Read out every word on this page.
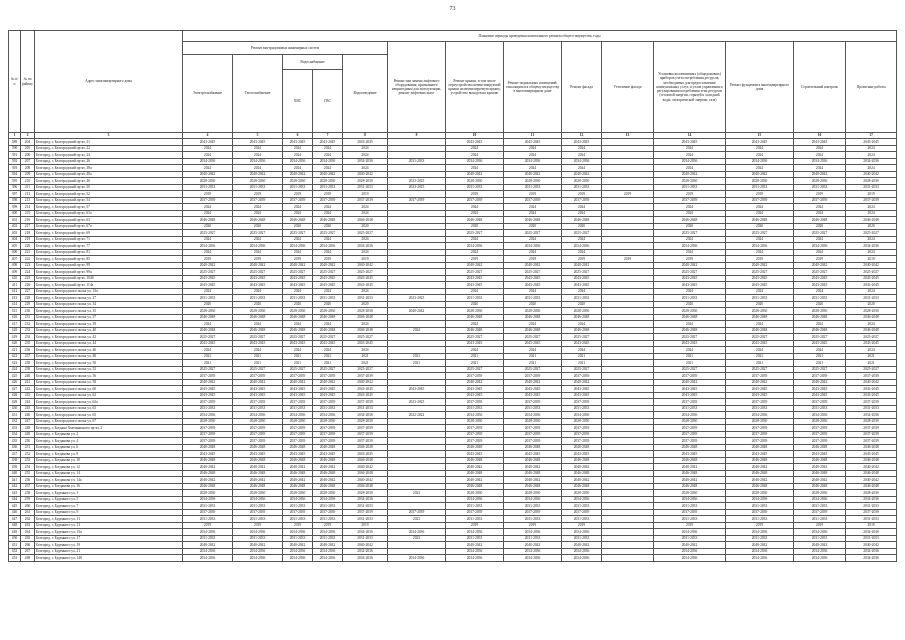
73
№ п/п	№ по району	Адрес многоквартирного дома	Плановые периоды проведения капитального ремонта общего имущества, годы													
			Ремонт внутридомовых инженерных систем					Ремонт или замена лифтового оборудования, признанного непригодным для эксплуатации, ремонт лифтовых шахт	Ремонт крыши, в том числе переустройство невентилируемой крыши на вентилируемую крышу, устройство выходов на кровлю	Ремонт подвальных помещений, относящихся к общему имуществу в многоквартирном доме	Ремонт фасада	Утепление фасада	Установка коллективных (общедомовых) приборов учета потребления ресурсов, необходимых для предоставления коммунальных услуг, и узлов управления и регулирования потребления этих ресурсов (тепловой энергии, горячей и холодной воды, электрической энергии, газа)	Ремонт фундамента многоквартирного дома	Строительный контроль	Проектные работы
			Электроснабжение	Теплоснабжение	Водоснабжение		Водоотведение									
					ХВС	ГВС										
1	2	3	4	5	6	7	8	9	10	11	12	13	14	15	16	17
389	204	Белгород, г, Белгородский пр-кт, 21	2043-2045	2043-2045	2043-2045	2043-2045	2043-2045		2043-2045	2043-2045	2043-2045		2043-2045	2043-2045	2043-2045	2043-2045
390	205	Белгород, г, Белгородский пр-кт, 22	2024	2024	2024	2024	2024		2024	2024	2024		2024	2024	2024	2024
391	206	Белгород, г, Белгородский пр-кт, 24	2024	2024	2024	2024	2024		2024	2024	2024		2024	2024	2024	2024
392	207	Белгород, г, Белгородский пр-кт, 26	2034-2036	2034-2036	2034-2036	2034-2036	2034-2036	2031-2033	2034-2036	2034-2036	2034-2036		2034-2036	2034-2036	2034-2036	2034-2036
393	208	Белгород, г, Белгородский пр-кт, 38а	2024	2024	2024	2024	2024		2024	2024	2024		2024	2024	2024	2024
394	209	Белгород, г, Белгородский пр-кт, 40а	2040-2042	2040-2042	2040-2042	2040-2042	2040-2042		2040-2042	2040-2042	2040-2042		2040-2042	2040-2042	2040-2042	2040-2042
395	210	Белгород, г, Белгородский пр-кт, 46	2028-2030	2028-2030	2028-2030	2028-2030	2028-2030	2023-2025	2028-2030	2028-2030	2028-2030		2028-2030	2028-2030	2028-2030	2028-2030
396	211	Белгород, г, Белгородский пр-кт, 50	2031-2033	2031-2033	2031-2033	2031-2033	2031-2033	2023-2025	2031-2033	2031-2033	2031-2033		2031-2033	2031-2033	2031-2033	2031-2033
397	212	Белгород, г, Белгородский пр-кт, 52	2019	2019	2019	2019	2019		2019	2019	2019	2019	2019	2019	2019	2019
398	213	Белгород, г, Белгородский пр-кт, 54	2037-2039	2037-2039	2037-2039	2037-2039	2037-2039	2037-2039	2037-2039	2037-2039	2037-2039		2037-2039	2037-2039	2037-2039	2037-2039
399	214	Белгород, г, Белгородский пр-кт, 57	2024	2024	2024	2024	2024		2024	2024	2024		2024	2024	2024	2024
400	215	Белгород, г, Белгородский пр-кт, 61а	2024	2024	2024	2024	2024		2024	2024	2024		2024	2024	2024	2024
401	216	Белгород, г, Белгородский пр-кт, 63	2046-2048	2046-2048	2046-2048	2046-2048	2046-2048		2046-2048	2046-2048	2046-2048		2046-2048	2046-2048	2046-2048	2046-2048
402	217	Белгород, г, Белгородский пр-кт, 67а	2020	2020	2020	2020	2020		2020	2020	2020		2020	2020	2020	2020
403	218	Белгород, г, Белгородский пр-кт, 69	2025-2027	2025-2027	2025-2027	2025-2027	2025-2027		2025-2027	2025-2027	2025-2027		2025-2027	2025-2027	2025-2027	2025-2027
404	219	Белгород, г, Белгородский пр-кт, 71	2024	2024	2024	2024	2024		2024	2024	2024		2024	2024	2024	2024
405	220	Белгород, г, Белгородский пр-кт, 77	2034-2036	2034-2036	2034-2036	2034-2036	2034-2036		2034-2036	2034-2036	2034-2036		2034-2036	2034-2036	2034-2036	2034-2036
406	221	Белгород, г, Белгородский пр-кт, 81	2024	2024	2024	2024	2024		2024	2024	2024		2024	2024	2024	2024
407	222	Белгород, г, Белгородский пр-кт, 85	2019	2019	2019	2019	2019		2019	2019	2019	2019	2019	2019	2019	2019
408	223	Белгород, г, Белгородский пр-кт, 99	2040-2042	2040-2042	2040-2042	2040-2042	2040-2042		2040-2042	2040-2042	2040-2042		2040-2042	2040-2042	2040-2042	2040-2042
409	224	Белгород, г, Белгородский пр-кт, 99а	2025-2027	2025-2027	2025-2027	2025-2027	2025-2027		2025-2027	2025-2027	2025-2027		2025-2027	2025-2027	2025-2027	2025-2027
410	225	Белгород, г, Белгородский пр-кт, 104б	2043-2045	2043-2045	2043-2045	2043-2045	2043-2045		2043-2045	2043-2045	2043-2045		2043-2045	2043-2045	2043-2045	2043-2045
411	226	Белгород, г, Белгородский пр-кт, 114а	2043-2045	2043-2045	2043-2045	2043-2045	2043-2045		2043-2045	2043-2045	2043-2045		2043-2045	2043-2045	2043-2045	2043-2045
412	227	Белгород, г, Белгородского полка ул, 13а	2024	2024	2024	2024	2024		2024	2024	2024		2024	2024	2024	2024
413	228	Белгород, г, Белгородского полка ул, 27	2031-2033	2031-2033	2031-2033	2031-2033	2031-2033	2023-2025	2031-2033	2031-2033	2031-2033		2031-2033	2031-2033	2031-2033	2031-2033
414	229	Белгород, г, Белгородского полка ул, 34	2020	2020	2020	2020	2020		2020	2020	2020		2020	2020	2020	2020
415	230	Белгород, г, Белгородского полка ул, 35	2028-2030	2028-2030	2028-2030	2028-2030	2028-2030	2040-2042	2028-2030	2028-2030	2028-2030		2028-2030	2028-2030	2028-2030	2028-2030
416	231	Белгород, г, Белгородского полка ул, 37	2046-2048	2046-2048	2046-2048	2046-2048	2046-2048		2046-2048	2046-2048	2046-2048		2046-2048	2046-2048	2046-2048	2046-2048
417	232	Белгород, г, Белгородского полка ул, 39	2024	2024	2024	2024	2024		2024	2024	2024		2024	2024	2024	2024
418	233	Белгород, г, Белгородского полка ул, 40	2046-2048	2046-2048	2046-2048	2046-2048	2046-2048	2024	2046-2048	2046-2048	2046-2048		2046-2048	2046-2048	2046-2048	2046-2048
419	234	Белгород, г, Белгородского полка ул, 42	2025-2027	2025-2027	2025-2027	2025-2027	2025-2027		2025-2027	2025-2027	2025-2027		2025-2027	2025-2027	2025-2027	2025-2027
420	235	Белгород, г, Белгородского полка ул, 44	2043-2045	2043-2045	2043-2045	2043-2045	2043-2045		2043-2045	2043-2045	2043-2045		2043-2045	2043-2045	2043-2045	2043-2045
421	236	Белгород, г, Белгородского полка ул, 46	2024	2024	2024	2024	2024		2024	2024	2024		2024	2024	2024	2024
422	237	Белгород, г, Белгородского полка ул, 48	2021	2021	2021	2021	2021	2021	2021	2021	2021		2021	2021	2021	2021
423	238	Белгород, г, Белгородского полка ул, 50	2021	2021	2021	2021	2021	2021	2021	2021	2021		2021	2021	2021	2021
424	239	Белгород, г, Белгородского полка ул, 52	2025-2027	2025-2027	2025-2027	2025-2027	2025-2027		2025-2027	2025-2027	2025-2027		2025-2027	2025-2027	2025-2027	2025-2027
425	240	Белгород, г, Белгородского полка ул, 56	2037-2039	2037-2039	2037-2039	2037-2039	2037-2039		2037-2039	2037-2039	2037-2039		2037-2039	2037-2039	2037-2039	2037-2039
426	241	Белгород, г, Белгородского полка ул, 58	2040-2042	2040-2042	2040-2042	2040-2042	2040-2042		2040-2042	2040-2042	2040-2042		2040-2042	2040-2042	2040-2042	2040-2042
427	242	Белгород, г, Белгородского полка ул, 60	2043-2045	2043-2045	2043-2045	2043-2045	2043-2045	2043-2045	2043-2045	2043-2045	2043-2045		2043-2045	2043-2045	2043-2045	2043-2045
428	243	Белгород, г, Белгородского полка ул, 62	2043-2045	2043-2045	2043-2045	2043-2045	2043-2045		2043-2045	2043-2045	2043-2045		2043-2045	2043-2045	2043-2045	2043-2045
429	244	Белгород, г, Белгородского полка ул, 62а	2037-2039	2037-2039	2037-2039	2037-2039	2037-2039	2023-2025	2037-2039	2037-2039	2037-2039		2037-2039	2037-2039	2037-2039	2037-2039
430	245	Белгород, г, Белгородского полка ул, 63	2031-2033	2031-2033	2031-2033	2031-2033	2031-2033		2031-2033	2031-2033	2031-2033		2031-2033	2031-2033	2031-2033	2031-2033
431	246	Белгород, г, Белгородского полка ул, 65	2034-2036	2034-2036	2034-2036	2034-2036	2034-2036	2022-2022	2034-2036	2034-2036	2034-2036		2034-2036	2034-2036	2034-2036	2034-2036
432	247	Белгород, г, Белгородского полка ул, 67	2028-2030	2028-2030	2028-2030	2028-2030	2028-2030		2028-2030	2028-2030	2028-2030		2028-2030	2028-2030	2028-2030	2028-2030
433	248	Белгород, г, Богдана Хмельницкого пр-кт, 2	2037-2039	2037-2039	2037-2039	2037-2039	2037-2039		2037-2039	2037-2039	2037-2039		2037-2039	2037-2039	2037-2039	2037-2039
434	249	Белгород, г, Богданова ул, 2	2037-2039	2037-2039	2037-2039	2037-2039	2037-2039		2037-2039	2037-2039	2037-2039		2037-2039	2037-2039	2037-2039	2037-2039
435	250	Белгород, г, Богданова ул, 4	2037-2039	2037-2039	2037-2039	2037-2039	2037-2039		2037-2039	2037-2039	2037-2039		2037-2039	2037-2039	2037-2039	2037-2039
436	251	Белгород, г, Богданова ул, 6	2046-2048	2046-2048	2046-2048	2046-2048	2046-2048		2046-2048	2046-2048	2046-2048		2046-2048	2046-2048	2046-2048	2046-2048
437	252	Белгород, г, Богданова ул, 8	2043-2045	2043-2045	2043-2045	2043-2045	2043-2045		2043-2045	2043-2045	2043-2045		2043-2045	2043-2045	2043-2045	2043-2045
438	253	Белгород, г, Богданова ул, 10	2046-2048	2046-2048	2046-2048	2046-2048	2046-2048		2046-2048	2046-2048	2046-2048		2046-2048	2046-2048	2046-2048	2046-2048
439	254	Белгород, г, Богданова ул, 12	2040-2042	2040-2042	2040-2042	2040-2042	2040-2042		2040-2042	2040-2042	2040-2042		2040-2042	2040-2042	2040-2042	2040-2042
440	255	Белгород, г, Богданова ул, 14	2046-2048	2046-2048	2046-2048	2046-2048	2046-2048		2046-2048	2046-2048	2046-2048		2046-2048	2046-2048	2046-2048	2046-2048
441	256	Белгород, г, Богданова ул, 14а	2040-2042	2040-2042	2040-2042	2040-2042	2040-2042		2040-2042	2040-2042	2040-2042		2040-2042	2040-2042	2040-2042	2040-2042
442	257	Белгород, г, Богданова ул, 16	2046-2048	2046-2048	2046-2048	2046-2048	2046-2048		2046-2048	2046-2048	2046-2048		2046-2048	2046-2048	2046-2048	2046-2048
443	258	Белгород, г, Буденного ул, 3	2028-2030	2028-2030	2028-2030	2028-2030	2028-2030	2023	2028-2030	2028-2030	2028-2030		2028-2030	2028-2030	2028-2030	2028-2030
444	259	Белгород, г, Буденного ул, 5	2034-2036	2034-2036	2034-2036	2034-2036	2034-2036		2034-2036	2034-2036	2034-2036		2034-2036	2034-2036	2034-2036	2034-2036
445	260	Белгород, г, Буденного ул, 7	2031-2033	2031-2033	2031-2033	2031-2033	2031-2033		2031-2033	2031-2033	2031-2033		2031-2033	2031-2033	2031-2033	2031-2033
446	261	Белгород, г, Буденного ул, 9	2037-2039	2037-2039	2037-2039	2037-2039	2037-2039	2037-2039	2037-2039	2037-2039	2037-2039		2037-2039	2037-2039	2037-2039	2037-2039
447	262	Белгород, г, Буденного ул, 11	2031-2033	2031-2033	2031-2033	2031-2033	2031-2033	2023	2031-2033	2031-2033	2031-2033		2031-2033	2031-2033	2031-2033	2031-2033
448	263	Белгород, г, Буденного ул, 13	2019	2019	2019	2019	2019		2019	2019	2019		2019	2019	2019	2019
449	264	Белгород, г, Буденного ул, 15а	2034-2036	2034-2036	2034-2036	2034-2036	2034-2036	2034-2036	2034-2036	2034-2036	2034-2036		2034-2036	2034-2036	2034-2036	2034-2036
450	265	Белгород, г, Буденного ул, 17	2031-2033	2031-2033	2031-2033	2031-2033	2031-2033	2023	2031-2033	2031-2033	2031-2033		2031-2033	2031-2033	2031-2033	2031-2033
451	266	Белгород, г, Буденного ул, 19	2040-2042	2040-2042	2040-2042	2040-2042	2040-2042		2040-2042	2040-2042	2040-2042		2040-2042	2040-2042	2040-2042	2040-2042
452	267	Белгород, г, Буденного ул, 21	2034-2036	2034-2036	2034-2036	2034-2036	2034-2036		2034-2036	2034-2036	2034-2036		2034-2036	2034-2036	2034-2036	2034-2036
453	268	Белгород, г, Буденного ул, 148	2034-2036	2034-2036	2034-2036	2034-2036	2034-2036	2034-2036	2034-2036	2034-2036	2034-2036		2034-2036	2034-2036	2034-2036	2034-2036
